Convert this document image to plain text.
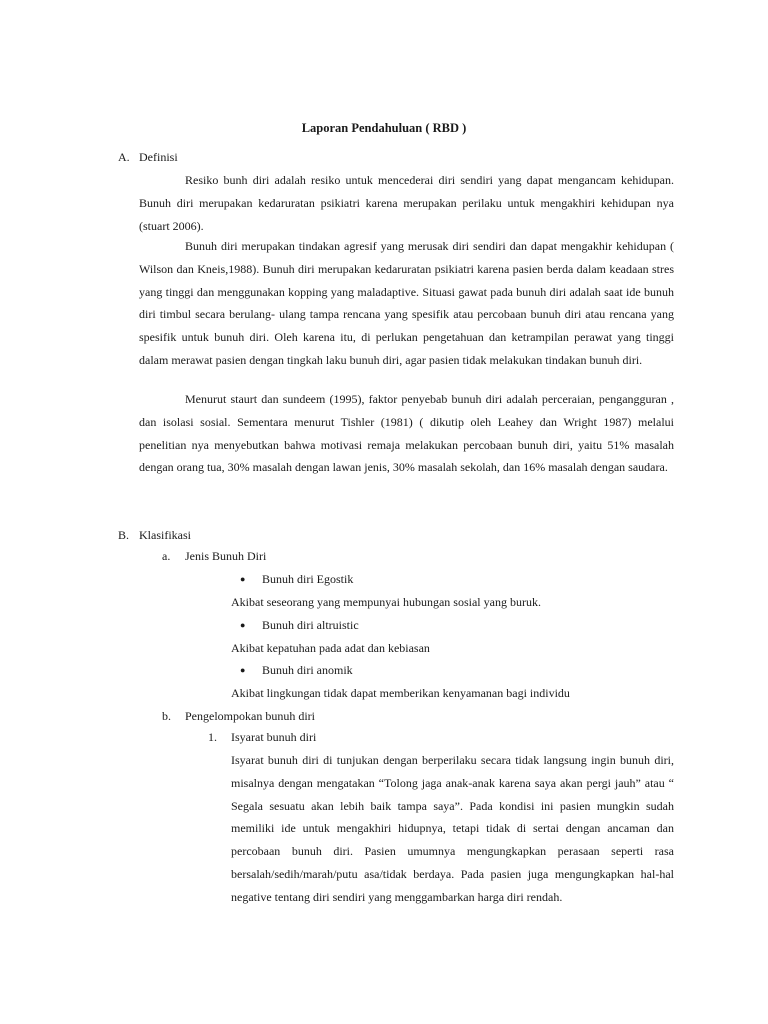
Laporan Pendahuluan ( RBD )
A. Definisi

Resiko bunh diri adalah resiko untuk mencederai diri sendiri yang dapat mengancam kehidupan. Bunuh diri merupakan kedaruratan psikiatri karena merupakan perilaku untuk mengakhiri kehidupan nya (stuart 2006).

Bunuh diri merupakan tindakan agresif yang merusak diri sendiri dan dapat mengakhir kehidupan ( Wilson dan Kneis,1988). Bunuh diri merupakan kedaruratan psikiatri karena pasien berda dalam keadaan stres yang tinggi dan menggunakan kopping yang maladaptive. Situasi gawat pada bunuh diri adalah saat ide bunuh diri timbul secara berulang- ulang tampa rencana yang spesifik atau percobaan bunuh diri atau rencana yang spesifik untuk bunuh diri. Oleh karena itu, di perlukan pengetahuan dan ketrampilan perawat yang tinggi dalam merawat pasien dengan tingkah laku bunuh diri, agar pasien tidak melakukan tindakan bunuh diri.

Menurut staurt dan sundeem (1995), faktor penyebab bunuh diri adalah perceraian, pengangguran , dan isolasi sosial. Sementara menurut Tishler (1981) ( dikutip oleh Leahey dan Wright 1987) melalui penelitian nya menyebutkan bahwa motivasi remaja melakukan percobaan bunuh diri, yaitu 51% masalah dengan orang tua, 30% masalah dengan lawan jenis, 30% masalah sekolah, dan 16% masalah dengan saudara.

B. Klasifikasi
a. Jenis Bunuh Diri
● Bunuh diri Egostik
Akibat seseorang yang mempunyai hubungan sosial yang buruk.
● Bunuh diri altruistic
Akibat kepatuhan pada adat dan kebiasan
● Bunuh diri anomik
Akibat lingkungan tidak dapat memberikan kenyamanan bagi individu
b. Pengelompokan bunuh diri
1. Isyarat bunuh diri

Isyarat bunuh diri di tunjukan dengan berperilaku secara tidak langsung ingin bunuh diri, misalnya dengan mengatakan “Tolong jaga anak-anak karena saya akan pergi jauh” atau “ Segala sesuatu akan lebih baik tampa saya”. Pada kondisi ini pasien mungkin sudah memiliki ide untuk mengakhiri hidupnya, tetapi tidak di sertai dengan ancaman dan percobaan bunuh diri. Pasien umumnya mengungkapkan perasaan seperti rasa bersalah/sedih/marah/putu asa/tidak berdaya. Pada pasien juga mengungkapkan hal-hal negative tentang diri sendiri yang menggambarkan harga diri rendah.
